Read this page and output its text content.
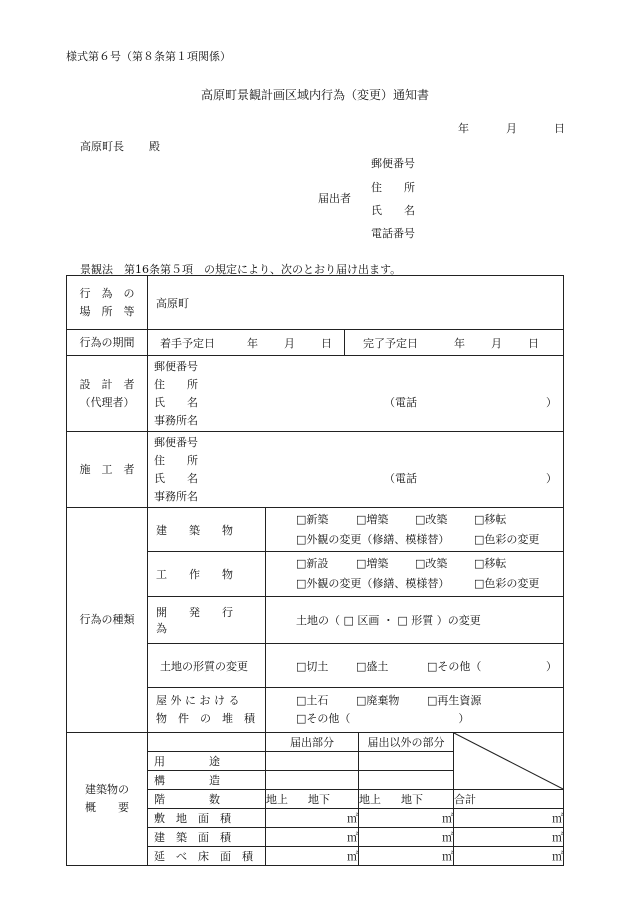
様式第６号（第８条第１項関係）
高原町景観計画区域内行為（変更）通知書
年	月	日
高原町長 殿
届出者
郵便番号
住　　所
氏　　名
電話番号
景観法　第16条第５項　の規定により、次のとおり届け出ます。
行　為　の
場　所　等
	高原町
行為の期間	着手予定日	年 月 日	完了予定日	年 月 日

設　計　者
（代理者）

郵便番号
住　　所
氏　　名	（電話	）
事務所名

施　工　者	
郵便番号
住　　所
氏　　名	（電話	）
事務所名

行為の種類	建　　築　　物	
□新築	□増築	□改築	□移転
□外観の変更（修繕、模様替）	□色彩の変更

工　　作　　物	
□新設	□増築	□改築	□移転
□外観の変更（修繕、模様替）	□色彩の変更

開　　発　　行　　為	土地の（ □ 区画 ・ □ 形質 ）の変更
土地の形質の変更	□切土	□盛土	□その他（	）

屋 外 に お け る
物　件　の　堆　積

□土石	□廃棄物	□再生資源
□その他（	）

建築物の
概　　要

	届出部分	届出以外の部分	

用　　　　途		
構　　　　造		
階　　　　数	地上 地下	地上 地下	合計
敷　地　面　積	㎡	㎡	㎡
建　築　面　積	㎡	㎡	㎡
延　べ　床　面　積	㎡	㎡	㎡
